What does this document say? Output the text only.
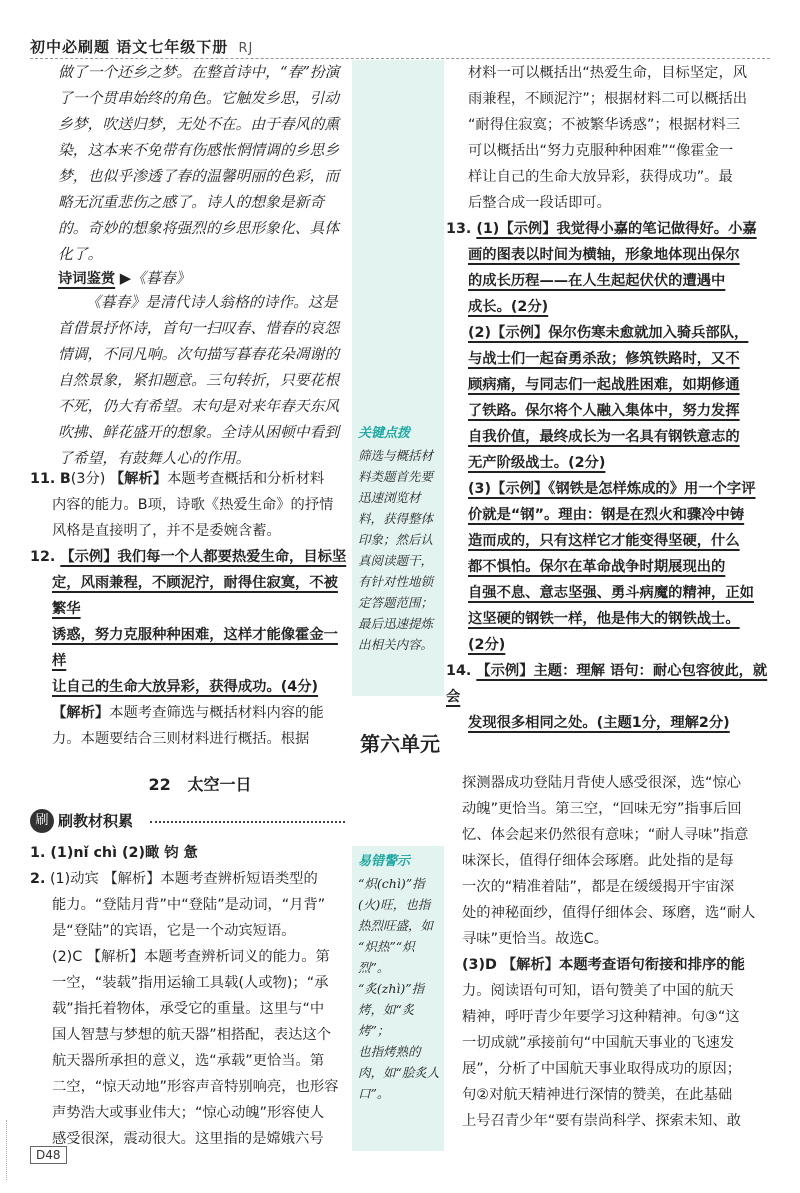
初中必刷题 语文七年级下册 RJ

做了一个还乡之梦。在整首诗中，“春”扮演

了一个贯串始终的角色。它触发乡思，引动

乡梦，吹送归梦，无处不在。由于春风的熏

染，这本来不免带有伤感怅惘情调的乡思乡

梦，也似乎渗透了春的温馨明丽的色彩，而

略无沉重悲伤之感了。诗人的想象是新奇

的。奇妙的想象将强烈的乡思形象化、具体

化了。

诗词鉴赏 ▶《暮春》

《暮春》是清代诗人翁格的诗作。这是

首借景抒怀诗，首句一扫叹春、惜春的哀怨

情调，不同凡响。次句描写暮春花朵凋谢的

自然景象，紧扣题意。三句转折，只要花根

不死，仍大有希望。末句是对来年春天东风

吹拂、鲜花盛开的想象。全诗从困顿中看到

了希望，有鼓舞人心的作用。

11. B(3分) 【解析】本题考查概括和分析材料

内容的能力。B项，诗歌《热爱生命》的抒情

风格是直接明了，并不是委婉含蓄。

12. 【示例】我们每一个人都要热爱生命，目标坚

定，风雨兼程，不顾泥泞，耐得住寂寞，不被繁华

诱惑，努力克服种种困难，这样才能像霍金一样

让自己的生命大放异彩，获得成功。(4分)

【解析】本题考查筛选与概括材料内容的能

力。本题要结合三则材料进行概括。根据

关键点拨
筛选与概括材
料类题首先要
迅速浏览材
料，获得整体
印象；然后认
真阅读题干，
有针对性地锁
定答题范围；
最后迅速提炼
出相关内容。

材料一可以概括出“热爱生命，目标坚定，风

雨兼程，不顾泥泞”；根据材料二可以概括出

“耐得住寂寞；不被繁华诱惑”；根据材料三

可以概括出“努力克服种种困难”“像霍金一

样让自己的生命大放异彩，获得成功”。最

后整合成一段话即可。

13. (1)【示例】我觉得小嘉的笔记做得好。小嘉

画的图表以时间为横轴，形象地体现出保尔

的成长历程——在人生起起伏伏的遭遇中

成长。(2分)

(2)【示例】保尔伤寒未愈就加入骑兵部队，

与战士们一起奋勇杀敌；修筑铁路时，又不

顾病痛，与同志们一起战胜困难，如期修通

了铁路。保尔将个人融入集体中，努力发挥

自我价值，最终成长为一名具有钢铁意志的

无产阶级战士。(2分)

(3)【示例】《钢铁是怎样炼成的》用一个字评

价就是“钢”。理由：钢是在烈火和骤冷中铸

造而成的，只有这样它才能变得坚硬，什么

都不惧怕。保尔在革命战争时期展现出的

自强不息、意志坚强、勇斗病魔的精神，正如

这坚硬的钢铁一样，他是伟大的钢铁战士。

(2分)

14. 【示例】主题：理解 语句：耐心包容彼此，就会

发现很多相同之处。(主题1分，理解2分)

第六单元
22 太空一日
刷 刷教材积累

1. (1)nǐ chì (2)瞰 钧 惫

2. (1)动宾 【解析】本题考查辨析短语类型的

能力。“登陆月背”中“登陆”是动词，“月背”

是“登陆”的宾语，它是一个动宾短语。

(2)C 【解析】本题考查辨析词义的能力。第

一空，“装载”指用运输工具载(人或物)；“承

载”指托着物体，承受它的重量。这里与“中

国人智慧与梦想的航天器”相搭配，表达这个

航天器所承担的意义，选“承载”更恰当。第

二空，“惊天动地”形容声音特别响亮，也形容

声势浩大或事业伟大；“惊心动魄”形容使人

感受很深，震动很大。这里指的是嫦娥六号

易错警示
“炽(chì)”指
(火)旺，也指
热烈旺盛，如
“炽热”“炽烈”。
“炙(zhì)”指
烤，如“炙烤”；
也指烤熟的
肉，如“脍炙人
口”。

探测器成功登陆月背使人感受很深，选“惊心

动魄”更恰当。第三空，“回味无穷”指事后回

忆、体会起来仍然很有意味；“耐人寻味”指意

味深长，值得仔细体会琢磨。此处指的是每

一次的“精准着陆”，都是在缓缓揭开宇宙深

处的神秘面纱，值得仔细体会、琢磨，选“耐人

寻味”更恰当。故选C。

(3)D 【解析】本题考查语句衔接和排序的能

力。阅读语句可知，语句赞美了中国的航天

精神，呼吁青少年要学习这种精神。句③“这

一切成就”承接前句“中国航天事业的飞速发

展”，分析了中国航天事业取得成功的原因；

句②对航天精神进行深情的赞美，在此基础

上号召青少年“要有崇尚科学、探索未知、敢

D48
